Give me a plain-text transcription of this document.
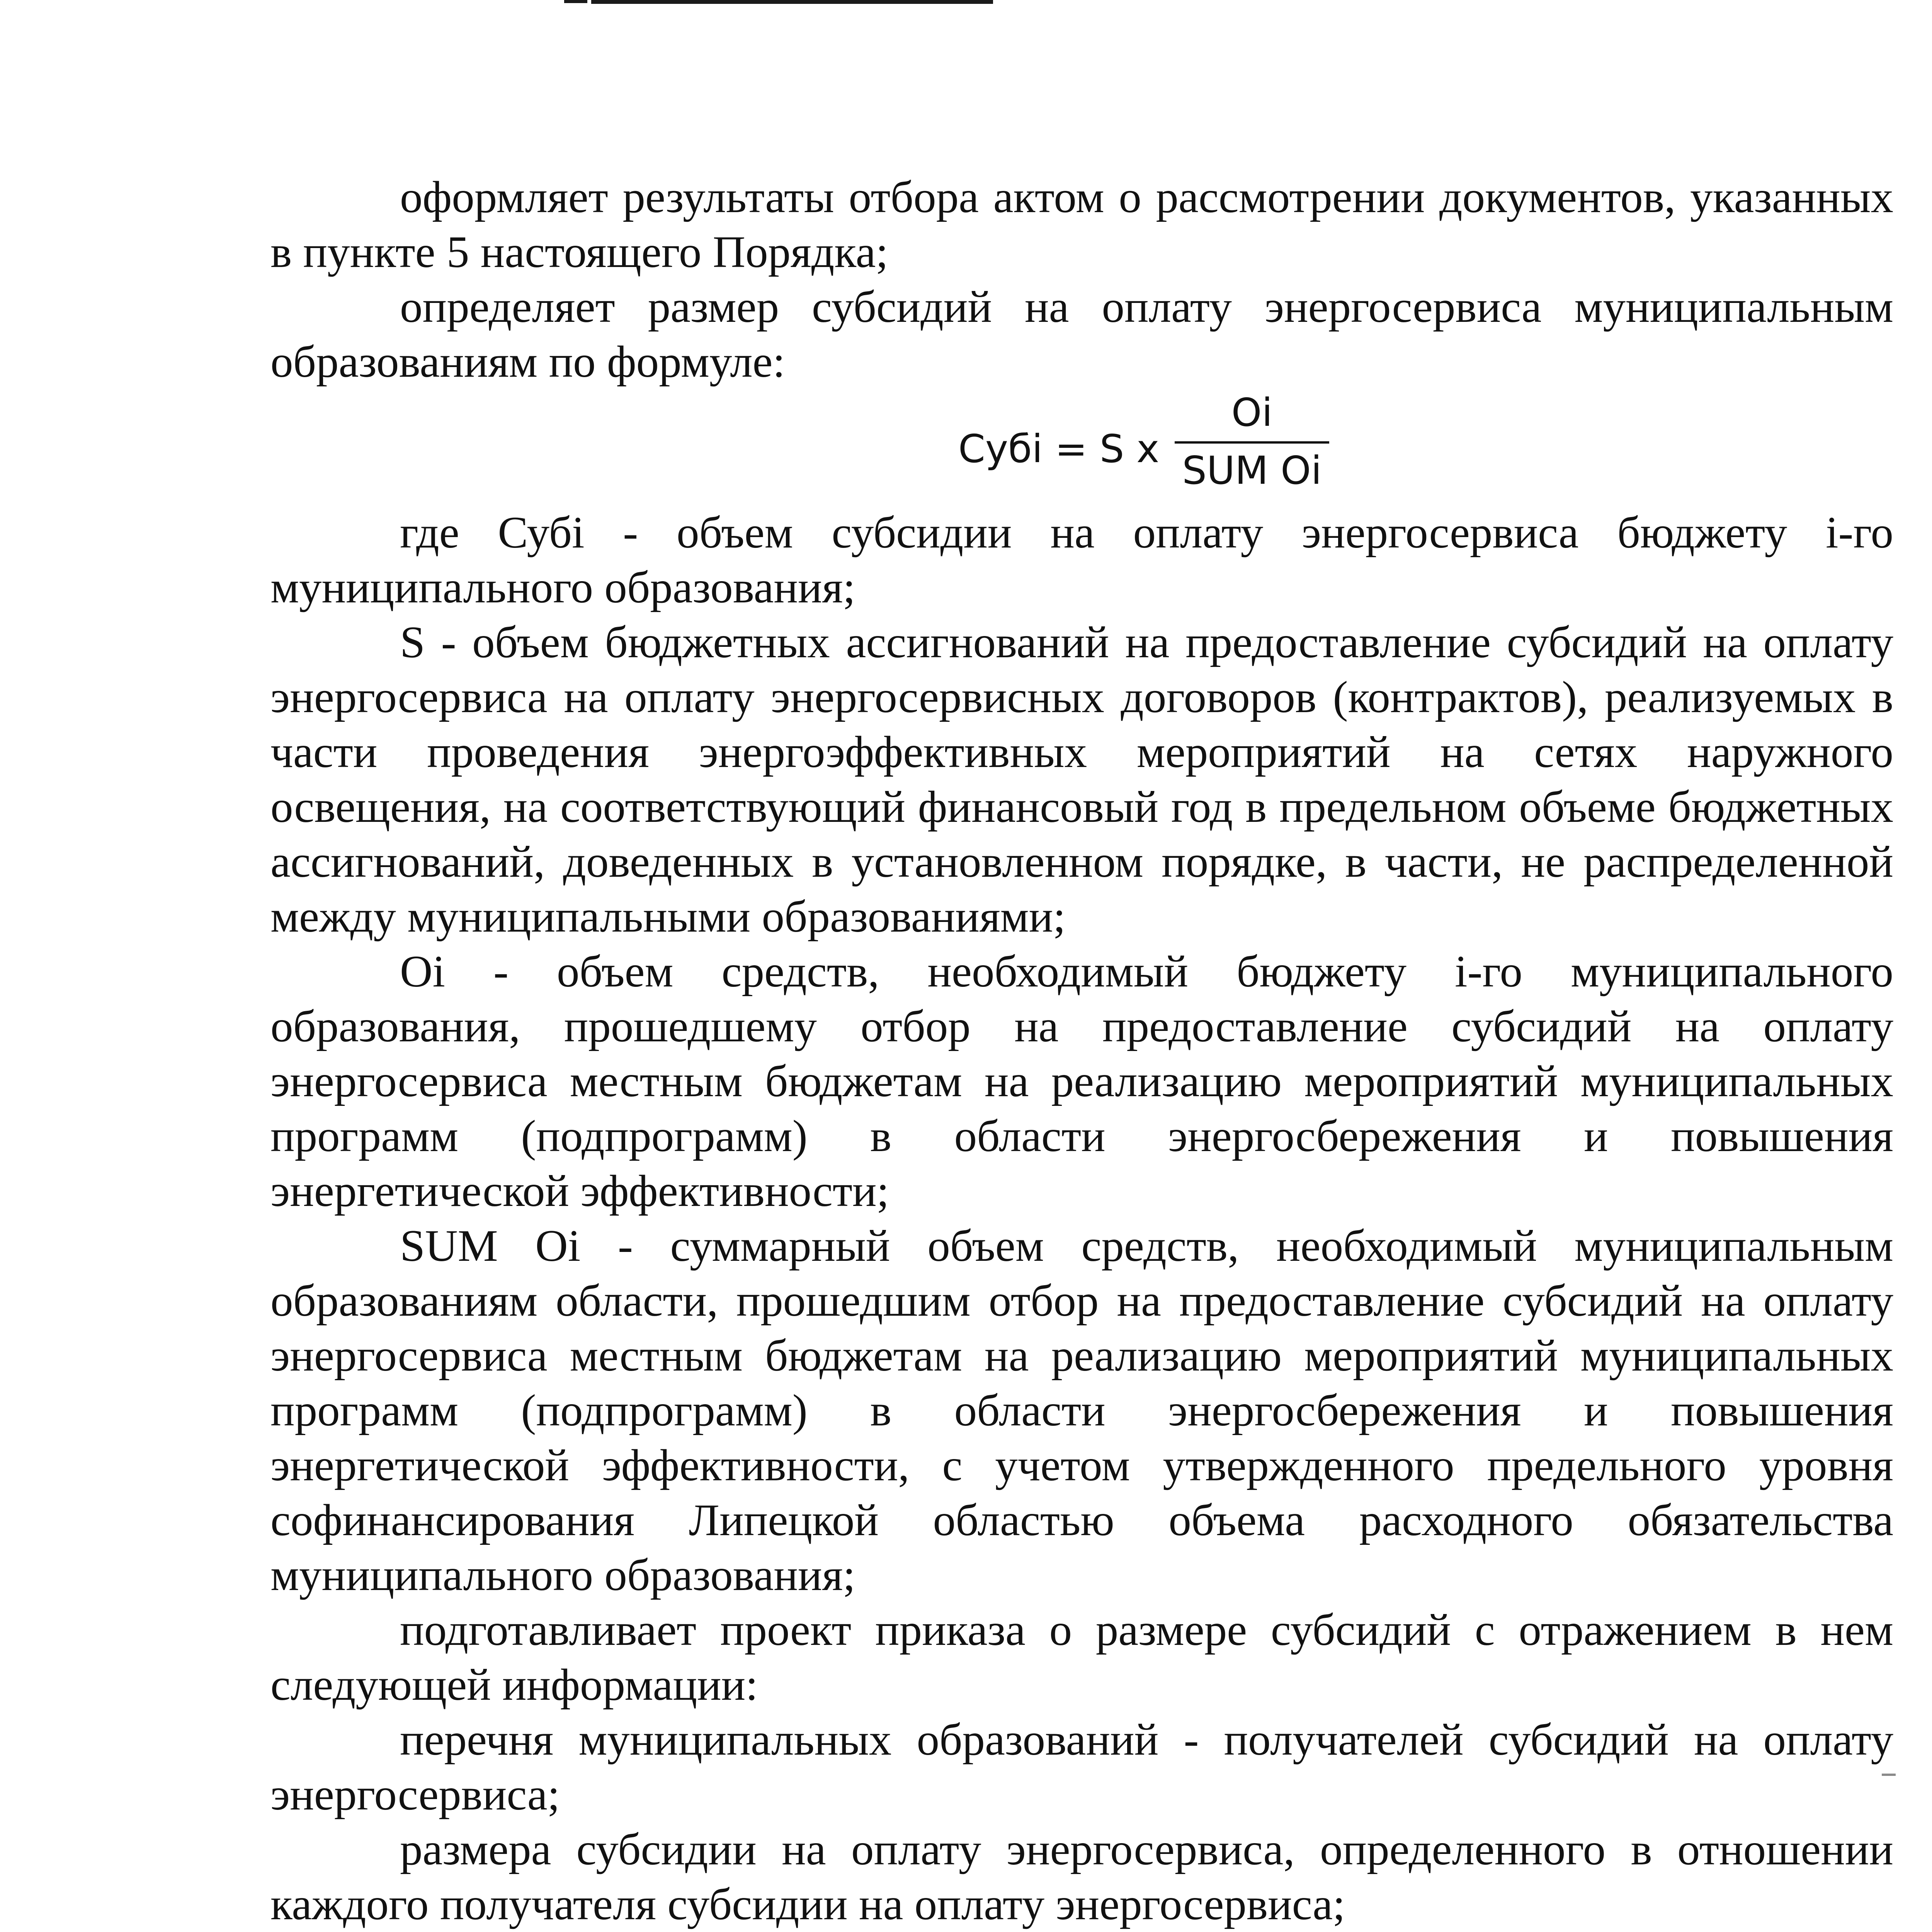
оформляет результаты отбора актом о рассмотрении документов, указанных в пункте 5 настоящего Порядка;

определяет размер субсидий на оплату энергосервиса муниципальным образованиям по формуле:

Субi = S x
Oi
SUM Oi

где Субi - объем субсидии на оплату энергосервиса бюджету i-го муниципального образования;

S - объем бюджетных ассигнований на предоставление субсидий на оплату энергосервиса на оплату энергосервисных договоров (контрактов), реализуемых в части проведения энергоэффективных мероприятий на сетях наружного освещения, на соответствующий финансовый год в предельном объеме бюджетных ассигнований, доведенных в установленном порядке, в части, не распределенной между муниципальными образованиями;

Oi - объем средств, необходимый бюджету i-го муниципального образования, прошедшему отбор на предоставление субсидий на оплату энергосервиса местным бюджетам на реализацию мероприятий муниципальных программ (подпрограмм) в области энергосбережения и повышения энергетической эффективности;

SUM Oi - суммарный объем средств, необходимый муниципальным образованиям области, прошедшим отбор на предоставление субсидий на оплату энергосервиса местным бюджетам на реализацию мероприятий муниципальных программ (подпрограмм) в области энергосбережения и повышения энергетической эффективности, с учетом утвержденного предельного уровня софинансирования Липецкой областью объема расходного обязательства муниципального образования;

подготавливает проект приказа о размере субсидий с отражением в нем следующей информации:

перечня муниципальных образований - получателей субсидий на оплату энергосервиса;

размера субсидии на оплату энергосервиса, определенного в отношении каждого получателя субсидии на оплату энергосервиса;
